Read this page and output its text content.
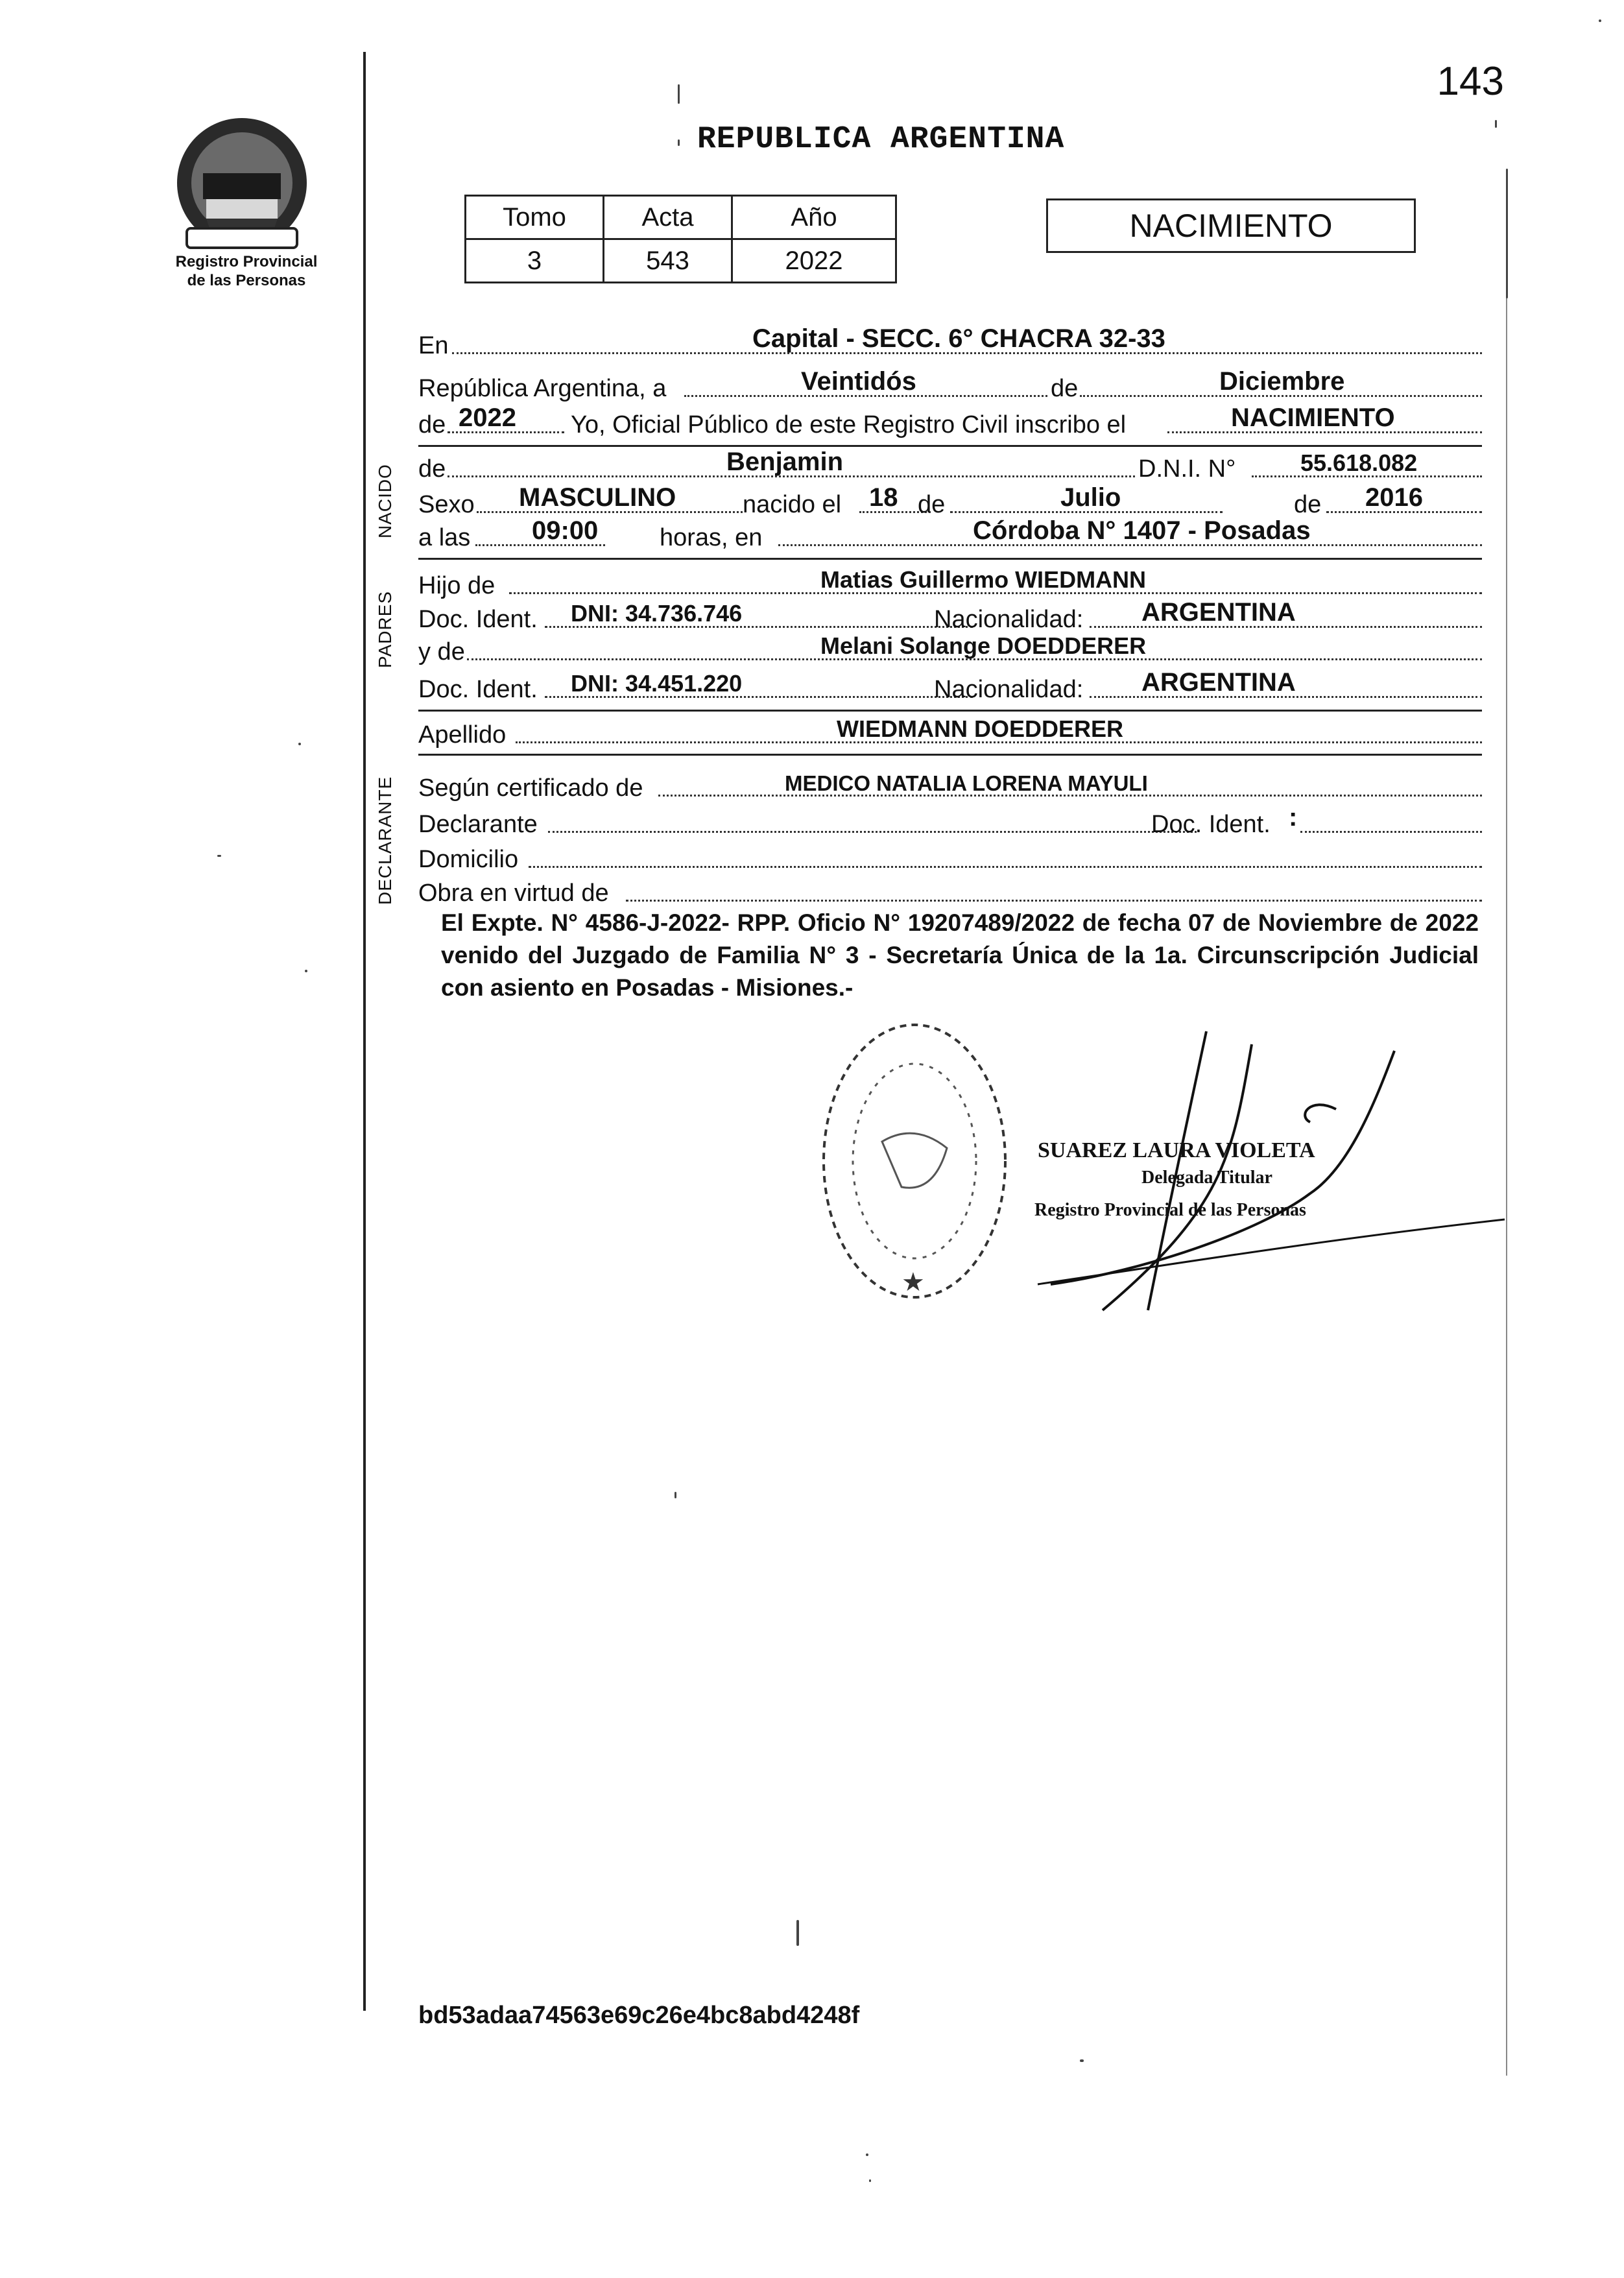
Registro Provincial
de las Personas
143
REPUBLICA ARGENTINA
Tomo	Acta	Año
3	543	2022
NACIMIENTO
En	Capital - SECC. 6° CHACRA 32-33
República Argentina, a	Veintidós	de	Diciembre
de 2022 Yo, Oficial Público de este Registro Civil inscribo el	NACIMIENTO
NACIDO de	Benjamin	D.N.I. N°	55.618.082
Sexo MASCULINO	nacido el 18 de	Julio	de 2016
a las 09:00 horas, en	Córdoba N° 1407 - Posadas
PADRES
Hijo de	Matias Guillermo WIEDMANN
Doc. Ident. DNI: 34.736.746	Nacionalidad: ARGENTINA
y de	Melani Solange DOEDDERER
Doc. Ident. DNI: 34.451.220	Nacionalidad: ARGENTINA
Apellido	WIEDMANN DOEDDERER
DECLARANTE Según certificado de	MEDICO NATALIA LORENA MAYULI
Declarante	Doc. Ident. :
Domicilio
Obra en virtud de
El Expte. N° 4586-J-2022- RPP. Oficio N° 19207489/2022 de fecha 07 de Noviembre de 2022 venido del Juzgado de Familia N° 3 - Secretaría Única de la 1a. Circunscripción Judicial con asiento en Posadas - Misiones.-
★
SUAREZ LAURA VIOLETA
Delegada Titular
Registro Provincial de las Personas
bd53adaa74563e69c26e4bc8abd4248f
